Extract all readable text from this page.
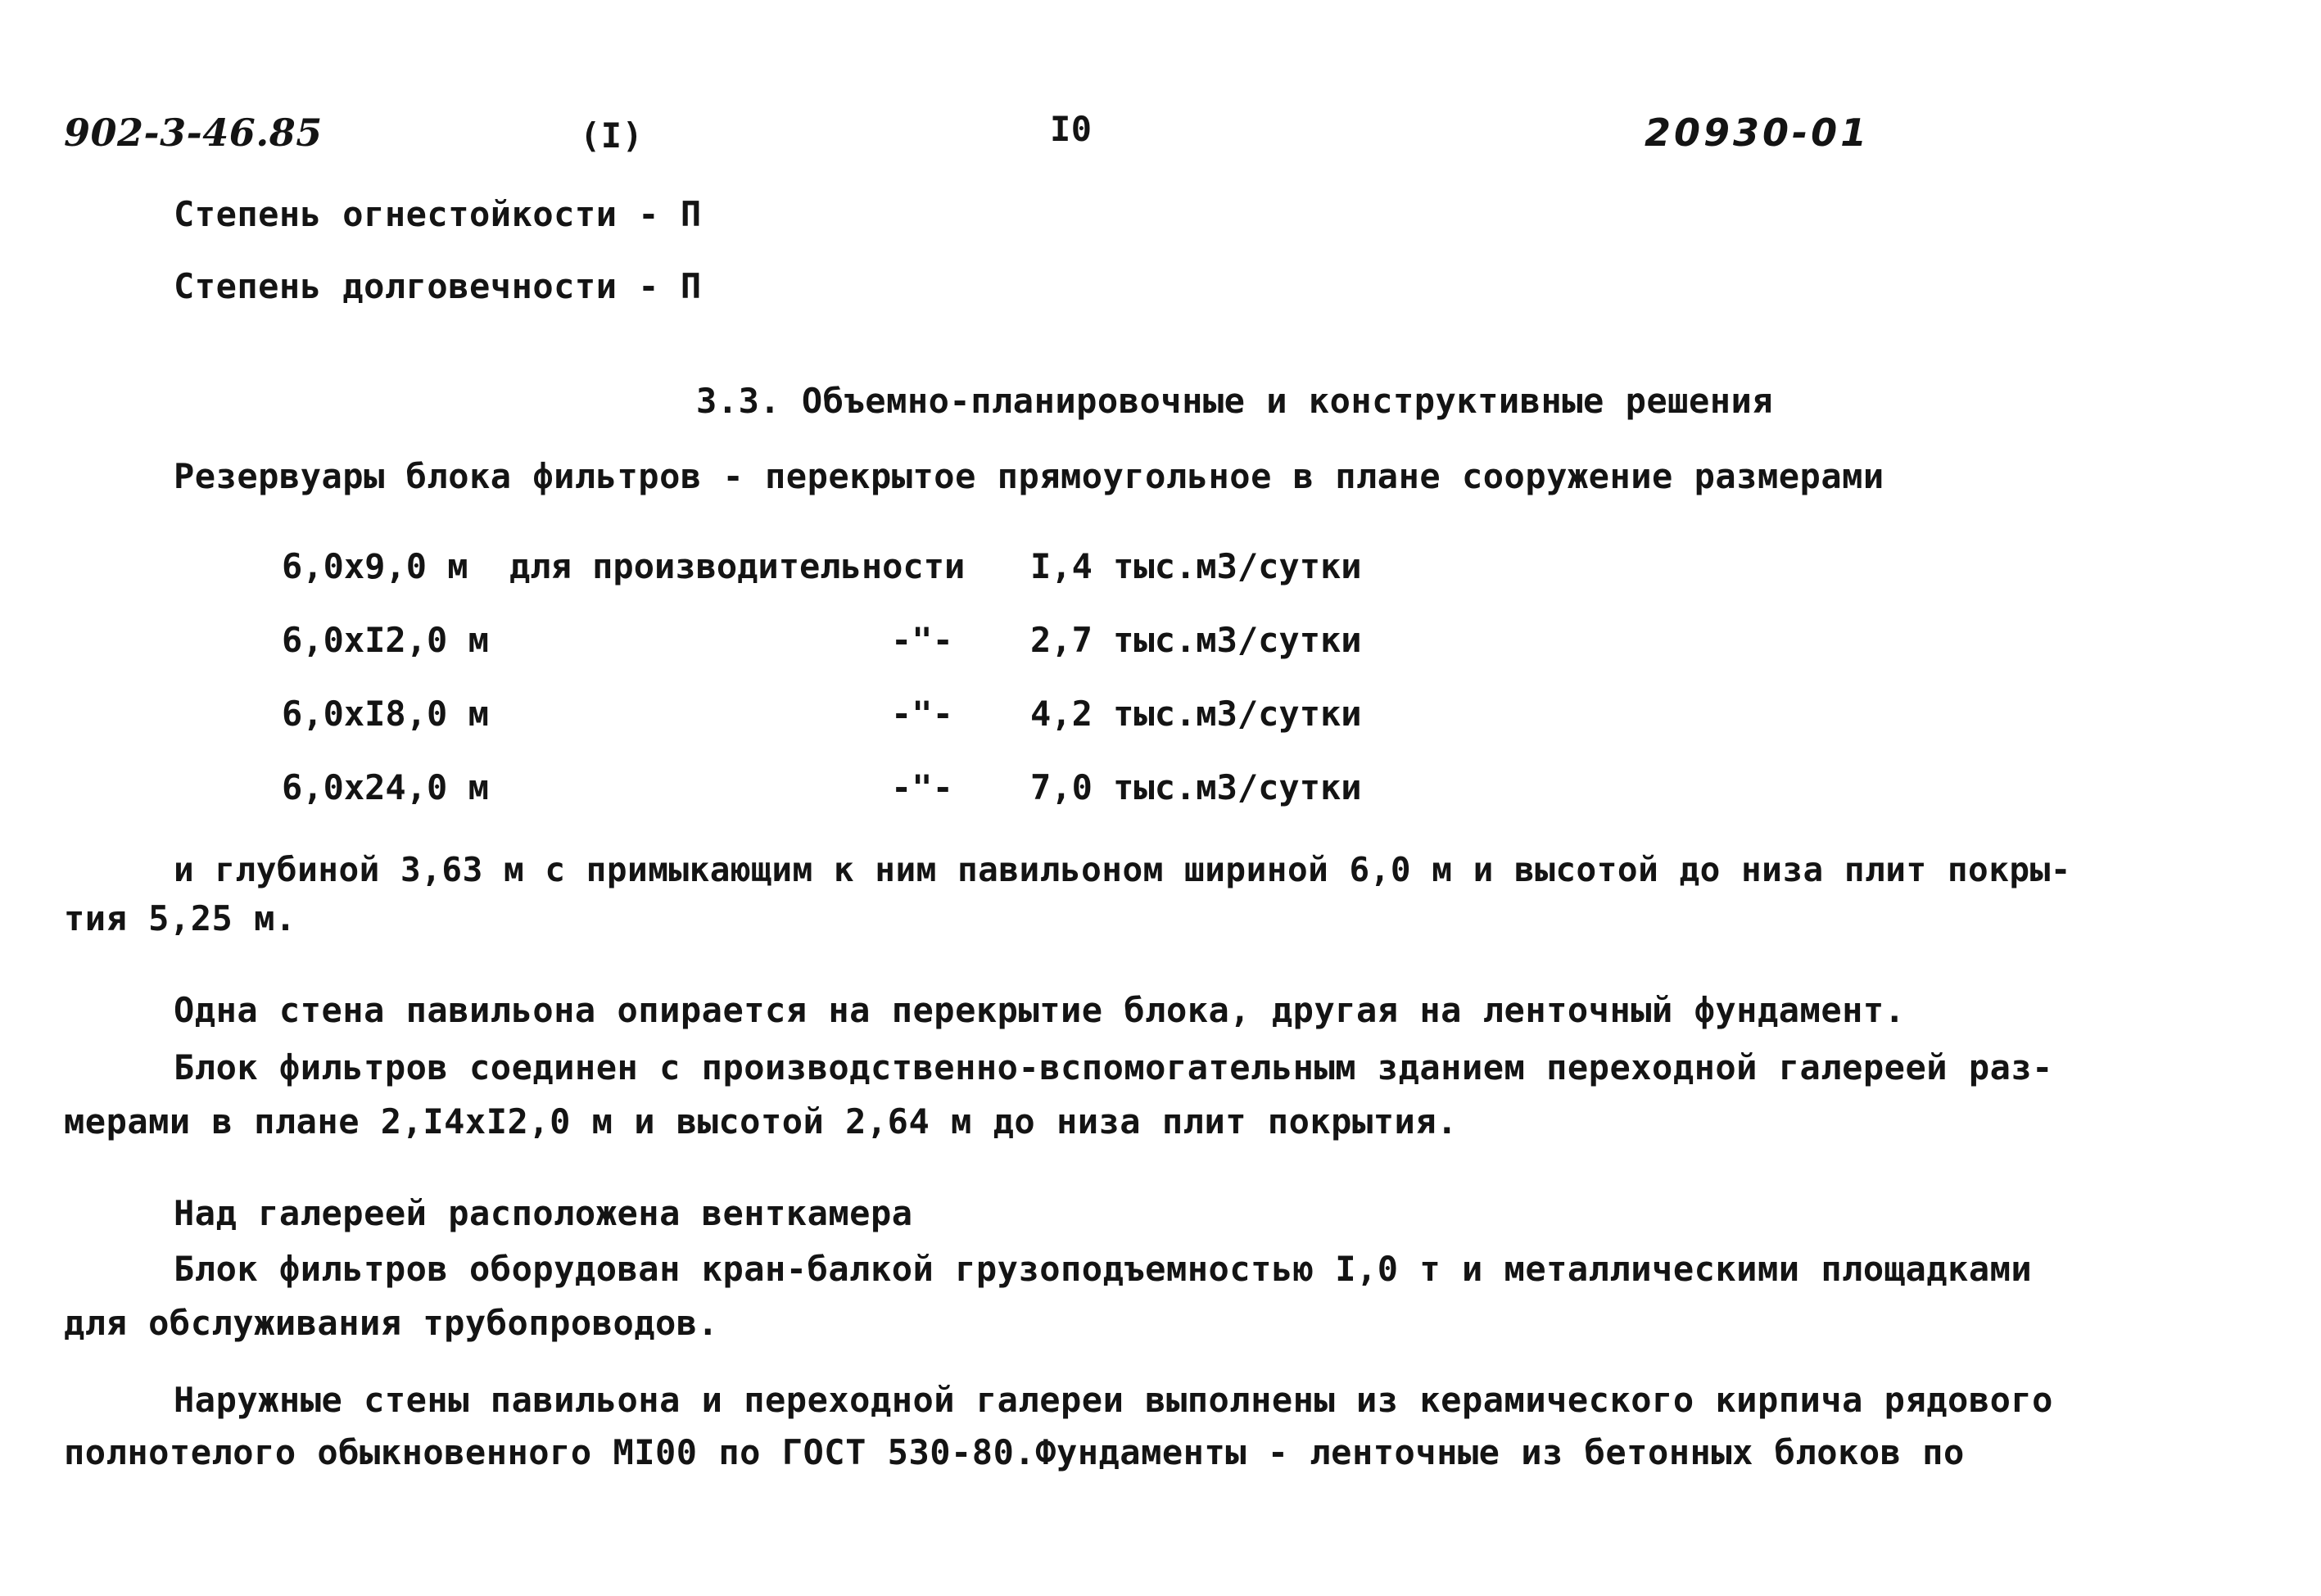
902-3-46.85	(I)	I0	20930-01
Степень огнестойкости - П
Степень долговечности - П
3.3. Объемно-планировочные и конструктивные решения
Резервуары блока фильтров - перекрытое прямоугольное в плане сооружение размерами
6,0х9,0 м для производительности I,4 тыс.м3/сутки
6,0хI2,0 м	-"- 2,7 тыс.м3/сутки
6,0хI8,0 м	-"- 4,2 тыс.м3/сутки
6,0х24,0 м	-"- 7,0 тыс.м3/сутки
и глубиной 3,63 м с примыкающим к ним павильоном шириной 6,0 м и высотой до низа плит покры-
тия 5,25 м.
Одна стена павильона опирается на перекрытие блока, другая на ленточный фундамент.
Блок фильтров соединен с производственно-вспомогательным зданием переходной галереей раз-
мерами в плане 2,I4хI2,0 м и высотой 2,64 м до низа плит покрытия.
Над галереей расположена венткамера
Блок фильтров оборудован кран-балкой грузоподъемностью I,0 т и металлическими площадками
для обслуживания трубопроводов.
Наружные стены павильона и переходной галереи выполнены из керамического кирпича рядового
полнотелого обыкновенного МI00 по ГОСТ 530-80.Фундаменты - ленточные из бетонных блоков по
